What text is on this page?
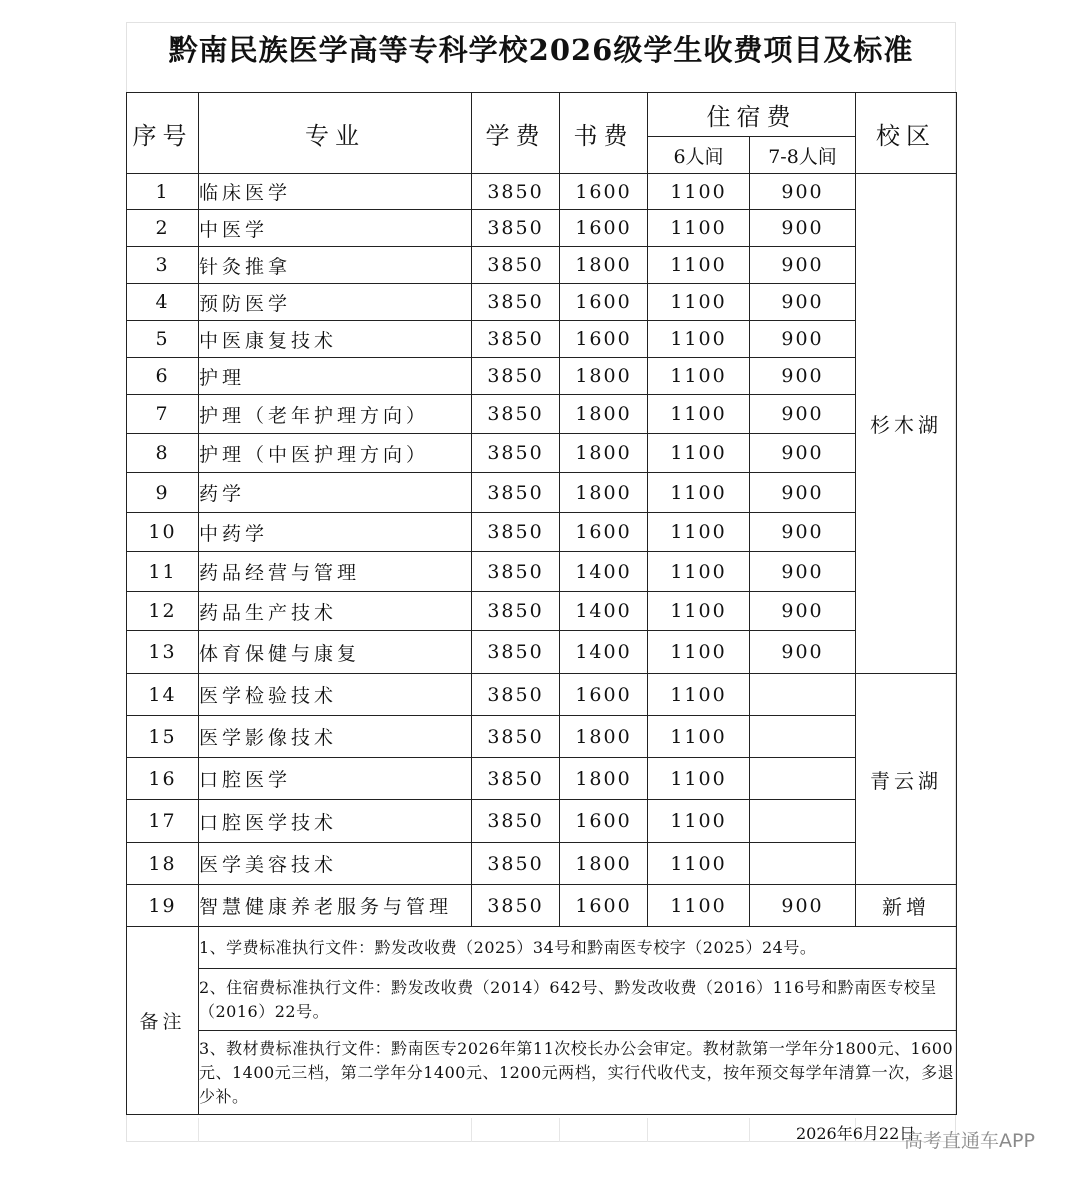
黔南民族医学高等专科学校2026级学生收费项目及标准
序号	专业	学费	书费	住宿费		校区
				6人间	7-8人间	
1	临床医学	3850	1600	1100	900	杉木湖
2	中医学	3850	1600	1100	900	
3	针灸推拿	3850	1800	1100	900	
4	预防医学	3850	1600	1100	900	
5	中医康复技术	3850	1600	1100	900	
6	护理	3850	1800	1100	900	
7	护理（老年护理方向）	3850	1800	1100	900	
8	护理（中医护理方向）	3850	1800	1100	900	
9	药学	3850	1800	1100	900	
10	中药学	3850	1600	1100	900	
11	药品经营与管理	3850	1400	1100	900	
12	药品生产技术	3850	1400	1100	900	
13	体育保健与康复	3850	1400	1100	900	
14	医学检验技术	3850	1600	1100		青云湖
15	医学影像技术	3850	1800	1100		
16	口腔医学	3850	1800	1100		
17	口腔医学技术	3850	1600	1100		
18	医学美容技术	3850	1800	1100		
19	智慧健康养老服务与管理	3850	1600	1100	900	新增
备注	1、学费标准执行文件：黔发改收费（2025）34号和黔南医专校字（2025）24号。					
	2、住宿费标准执行文件：黔发改收费（2014）642号、黔发改收费（2016）116号和黔南医专校呈（2016）22号。					
	3、教材费标准执行文件：黔南医专2026年第11次校长办公会审定。教材款第一学年分1800元、1600元、1400元三档，第二学年分1400元、1200元两档，实行代收代支，按年预交每学年清算一次，多退少补。					
2026年6月22日
高考直通车APP
